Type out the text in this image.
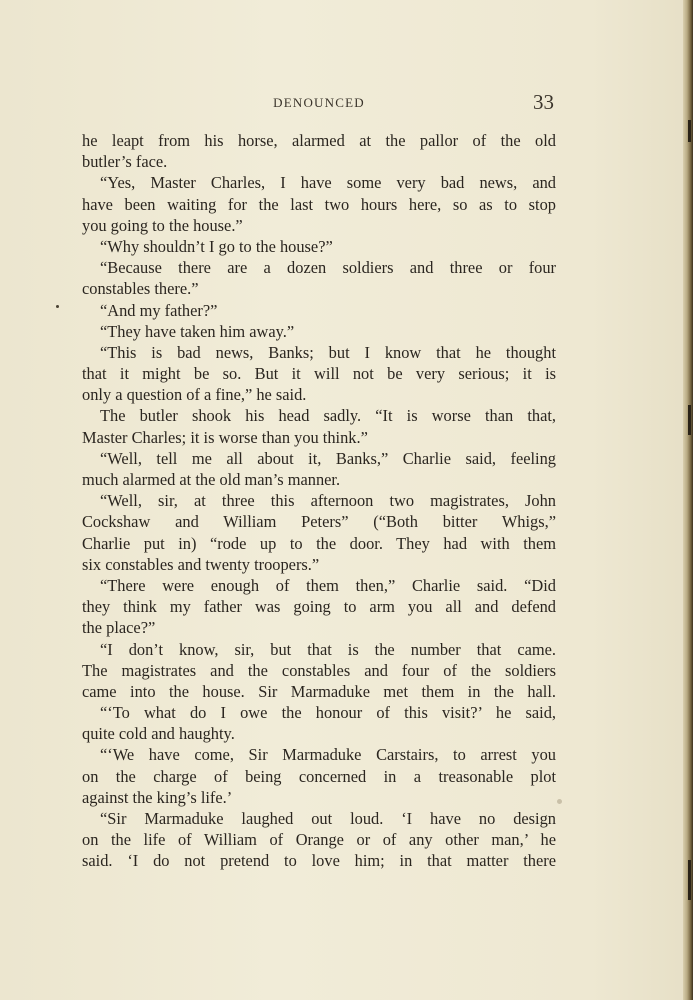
DENOUNCED	33
he leapt from his horse, alarmed at the pallor of the old
butler’s face.
“Yes, Master Charles, I have some very bad news, and
have been waiting for the last two hours here, so as to stop
you going to the house.”
“Why shouldn’t I go to the house?”
“Because there are a dozen soldiers and three or four
constables there.”
“And my father?”
“They have taken him away.”
“This is bad news, Banks; but I know that he thought
that it might be so. But it will not be very serious; it is
only a question of a fine,” he said.
The butler shook his head sadly. “It is worse than that,
Master Charles; it is worse than you think.”
“Well, tell me all about it, Banks,” Charlie said, feeling
much alarmed at the old man’s manner.
“Well, sir, at three this afternoon two magistrates, John
Cockshaw and William Peters” (“Both bitter Whigs,”
Charlie put in) “rode up to the door. They had with them
six constables and twenty troopers.”
“There were enough of them then,” Charlie said. “Did
they think my father was going to arm you all and defend
the place?”
“I don’t know, sir, but that is the number that came.
The magistrates and the constables and four of the soldiers
came into the house. Sir Marmaduke met them in the hall.
“‘To what do I owe the honour of this visit?’ he said,
quite cold and haughty.
“‘We have come, Sir Marmaduke Carstairs, to arrest you
on the charge of being concerned in a treasonable plot
against the king’s life.’
“Sir Marmaduke laughed out loud. ‘I have no design
on the life of William of Orange or of any other man,’ he
said. ‘I do not pretend to love him; in that matter there
